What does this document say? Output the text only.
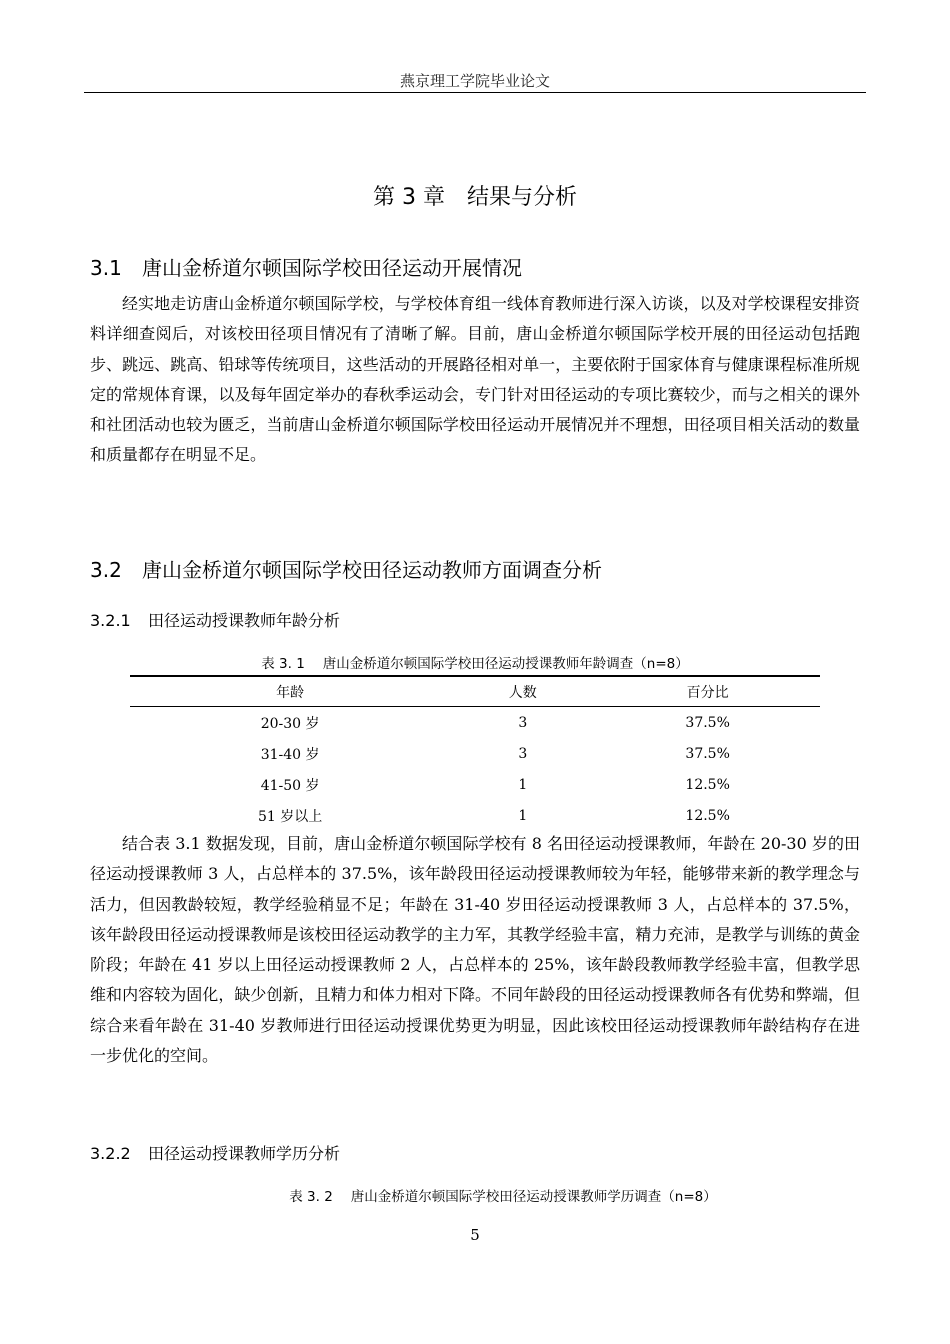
燕京理工学院毕业论文
第 3 章　结果与分析
3.1 唐山金桥道尔顿国际学校田径运动开展情况
经实地走访唐山金桥道尔顿国际学校，与学校体育组一线体育教师进行深入访谈，以及对学校课程安排资料详细查阅后，对该校田径项目情况有了清晰了解。目前，唐山金桥道尔顿国际学校开展的田径运动包括跑步、跳远、跳高、铅球等传统项目，这些活动的开展路径相对单一，主要依附于国家体育与健康课程标准所规定的常规体育课，以及每年固定举办的春秋季运动会，专门针对田径运动的专项比赛较少，而与之相关的课外和社团活动也较为匮乏，当前唐山金桥道尔顿国际学校田径运动开展情况并不理想，田径项目相关活动的数量和质量都存在明显不足。
3.2 唐山金桥道尔顿国际学校田径运动教师方面调查分析
3.2.1 田径运动授课教师年龄分析
表 3. 1 唐山金桥道尔顿国际学校田径运动授课教师年龄调查（n=8）
年龄	人数	百分比
20-30 岁	3	37.5%
31-40 岁	3	37.5%
41-50 岁	1	12.5%
51 岁以上	1	12.5%
结合表 3.1 数据发现，目前，唐山金桥道尔顿国际学校有 8 名田径运动授课教师，年龄在 20-30 岁的田径运动授课教师 3 人，占总样本的 37.5%，该年龄段田径运动授课教师较为年轻，能够带来新的教学理念与活力，但因教龄较短，教学经验稍显不足；年龄在 31-40 岁田径运动授课教师 3 人，占总样本的 37.5%，该年龄段田径运动授课教师是该校田径运动教学的主力军，其教学经验丰富，精力充沛，是教学与训练的黄金阶段；年龄在 41 岁以上田径运动授课教师 2 人，占总样本的 25%，该年龄段教师教学经验丰富，但教学思维和内容较为固化，缺少创新，且精力和体力相对下降。不同年龄段的田径运动授课教师各有优势和弊端，但综合来看年龄在 31-40 岁教师进行田径运动授课优势更为明显，因此该校田径运动授课教师年龄结构存在进一步优化的空间。
3.2.2 田径运动授课教师学历分析
表 3. 2 唐山金桥道尔顿国际学校田径运动授课教师学历调查（n=8）
5
